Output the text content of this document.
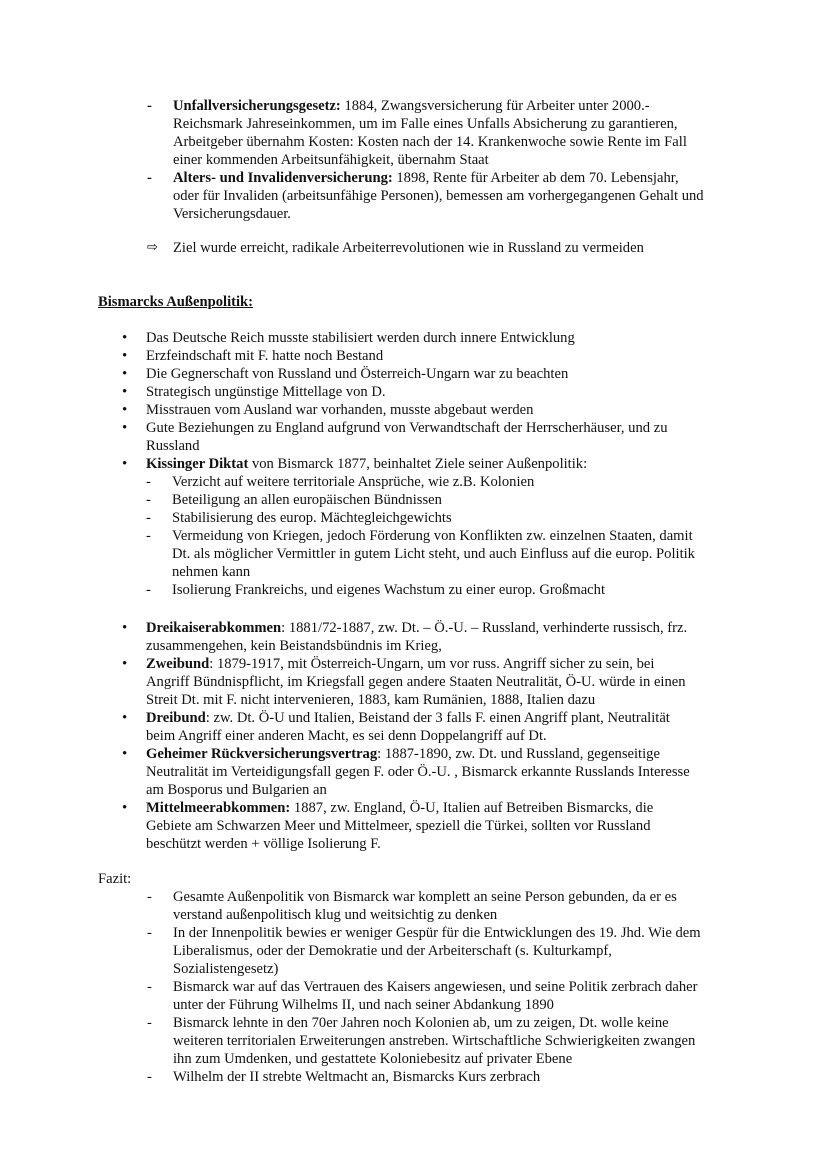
- Unfallversicherungsgesetz: 1884, Zwangsversicherung für Arbeiter unter 2000.-
Reichsmark Jahreseinkommen, um im Falle eines Unfalls Absicherung zu garantieren,
Arbeitgeber übernahm Kosten: Kosten nach der 14. Krankenwoche sowie Rente im Fall
einer kommenden Arbeitsunfähigkeit, übernahm Staat
- Alters- und Invalidenversicherung: 1898, Rente für Arbeiter ab dem 70. Lebensjahr,
oder für Invaliden (arbeitsunfähige Personen), bemessen am vorhergegangenen Gehalt und
Versicherungsdauer.
⇨ Ziel wurde erreicht, radikale Arbeiterrevolutionen wie in Russland zu vermeiden
Bismarcks Außenpolitik:
• Das Deutsche Reich musste stabilisiert werden durch innere Entwicklung
• Erzfeindschaft mit F. hatte noch Bestand
• Die Gegnerschaft von Russland und Österreich-Ungarn war zu beachten
• Strategisch ungünstige Mittellage von D.
• Misstrauen vom Ausland war vorhanden, musste abgebaut werden
• Gute Beziehungen zu England aufgrund von Verwandtschaft der Herrscherhäuser, und zu
Russland
• Kissinger Diktat von Bismarck 1877, beinhaltet Ziele seiner Außenpolitik:
- Verzicht auf weitere territoriale Ansprüche, wie z.B. Kolonien
- Beteiligung an allen europäischen Bündnissen
- Stabilisierung des europ. Mächtegleichgewichts
- Vermeidung von Kriegen, jedoch Förderung von Konflikten zw. einzelnen Staaten, damit
Dt. als möglicher Vermittler in gutem Licht steht, und auch Einfluss auf die europ. Politik
nehmen kann
- Isolierung Frankreichs, und eigenes Wachstum zu einer europ. Großmacht
• Dreikaiserabkommen: 1881/72-1887, zw. Dt. – Ö.-U. – Russland, verhinderte russisch, frz.
zusammengehen, kein Beistandsbündnis im Krieg,
• Zweibund: 1879-1917, mit Österreich-Ungarn, um vor russ. Angriff sicher zu sein, bei
Angriff Bündnispflicht, im Kriegsfall gegen andere Staaten Neutralität, Ö-U. würde in einen
Streit Dt. mit F. nicht intervenieren, 1883, kam Rumänien, 1888, Italien dazu
• Dreibund: zw. Dt. Ö-U und Italien, Beistand der 3 falls F. einen Angriff plant, Neutralität
beim Angriff einer anderen Macht, es sei denn Doppelangriff auf Dt.
• Geheimer Rückversicherungsvertrag: 1887-1890, zw. Dt. und Russland, gegenseitige
Neutralität im Verteidigungsfall gegen F. oder Ö.-U. , Bismarck erkannte Russlands Interesse
am Bosporus und Bulgarien an
• Mittelmeerabkommen: 1887, zw. England, Ö-U, Italien auf Betreiben Bismarcks, die
Gebiete am Schwarzen Meer und Mittelmeer, speziell die Türkei, sollten vor Russland
beschützt werden + völlige Isolierung F.
Fazit:
- Gesamte Außenpolitik von Bismarck war komplett an seine Person gebunden, da er es
verstand außenpolitisch klug und weitsichtig zu denken
- In der Innenpolitik bewies er weniger Gespür für die Entwicklungen des 19. Jhd. Wie dem
Liberalismus, oder der Demokratie und der Arbeiterschaft (s. Kulturkampf,
Sozialistengesetz)
- Bismarck war auf das Vertrauen des Kaisers angewiesen, und seine Politik zerbrach daher
unter der Führung Wilhelms II, und nach seiner Abdankung 1890
- Bismarck lehnte in den 70er Jahren noch Kolonien ab, um zu zeigen, Dt. wolle keine
weiteren territorialen Erweiterungen anstreben. Wirtschaftliche Schwierigkeiten zwangen
ihn zum Umdenken, und gestattete Koloniebesitz auf privater Ebene
- Wilhelm der II strebte Weltmacht an, Bismarcks Kurs zerbrach
